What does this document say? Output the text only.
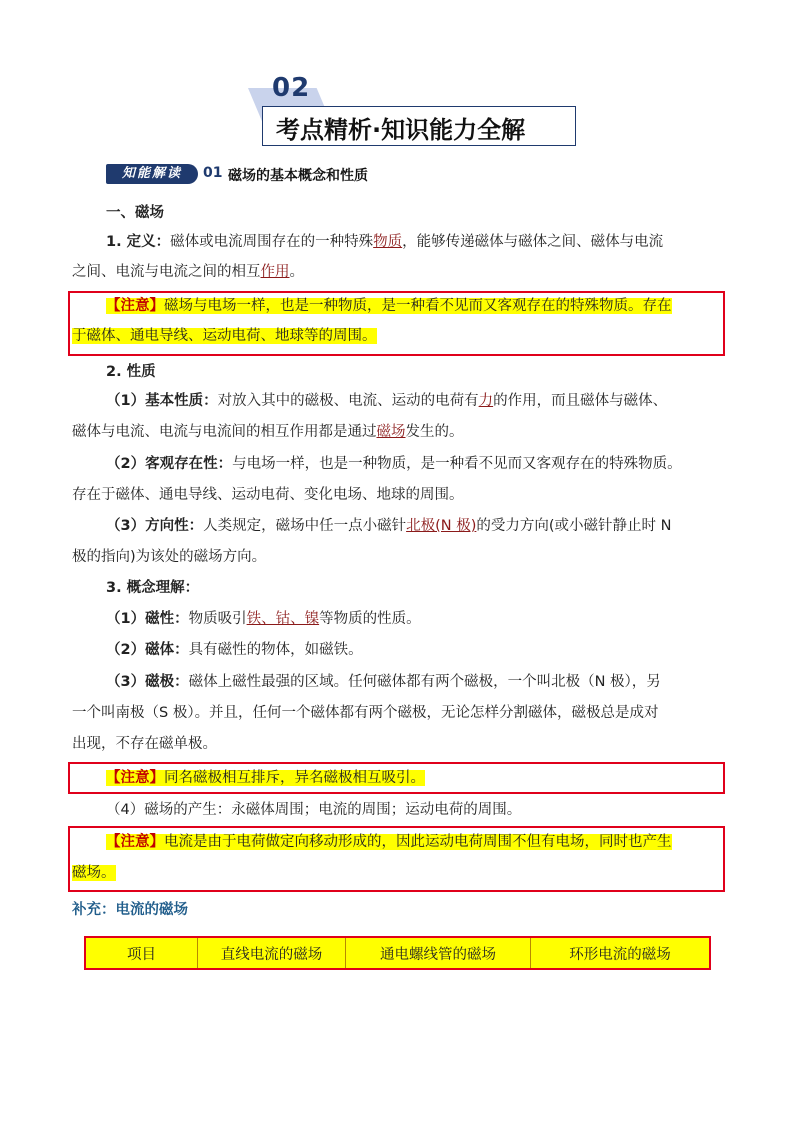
02
考点精析·知识能力全解
知能解读	01 磁场的基本概念和性质
一、磁场
1. 定义：磁体或电流周围存在的一种特殊物质，能够传递磁体与磁体之间、磁体与电流
之间、电流与电流之间的相互作用。
【注意】磁场与电场一样，也是一种物质，是一种看不见而又客观存在的特殊物质。存在
于磁体、通电导线、运动电荷、地球等的周围。
2. 性质
（1）基本性质：对放入其中的磁极、电流、运动的电荷有力的作用，而且磁体与磁体、
磁体与电流、电流与电流间的相互作用都是通过磁场发生的。
（2）客观存在性：与电场一样，也是一种物质，是一种看不见而又客观存在的特殊物质。
存在于磁体、通电导线、运动电荷、变化电场、地球的周围。
（3）方向性：人类规定，磁场中任一点小磁针北极(N 极)的受力方向(或小磁针静止时 N
极的指向)为该处的磁场方向。
3. 概念理解：
（1）磁性：物质吸引铁、钴、镍等物质的性质。
（2）磁体：具有磁性的物体，如磁铁。
（3）磁极：磁体上磁性最强的区域。任何磁体都有两个磁极，一个叫北极（N 极），另
一个叫南极（S 极）。并且，任何一个磁体都有两个磁极，无论怎样分割磁体，磁极总是成对
出现，不存在磁单极。
【注意】同名磁极相互排斥，异名磁极相互吸引。
（4）磁场的产生：永磁体周围；电流的周围；运动电荷的周围。
【注意】电流是由于电荷做定向移动形成的，因此运动电荷周围不但有电场，同时也产生
磁场。
补充：电流的磁场
项目	直线电流的磁场	通电螺线管的磁场	环形电流的磁场
